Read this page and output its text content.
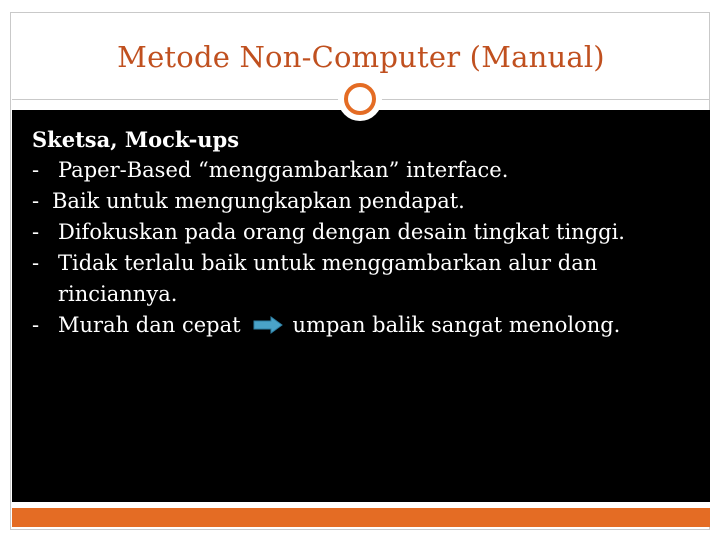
Metode Non-Computer (Manual)
Sketsa, Mock-ups
- Paper-Based “menggambarkan” interface.
- Baik untuk mengungkapkan pendapat.
- Difokuskan pada orang dengan desain tingkat tinggi.
- Tidak terlalu baik untuk menggambarkan alur dan rinciannya.
- Murah dan cepat umpan balik sangat menolong.
